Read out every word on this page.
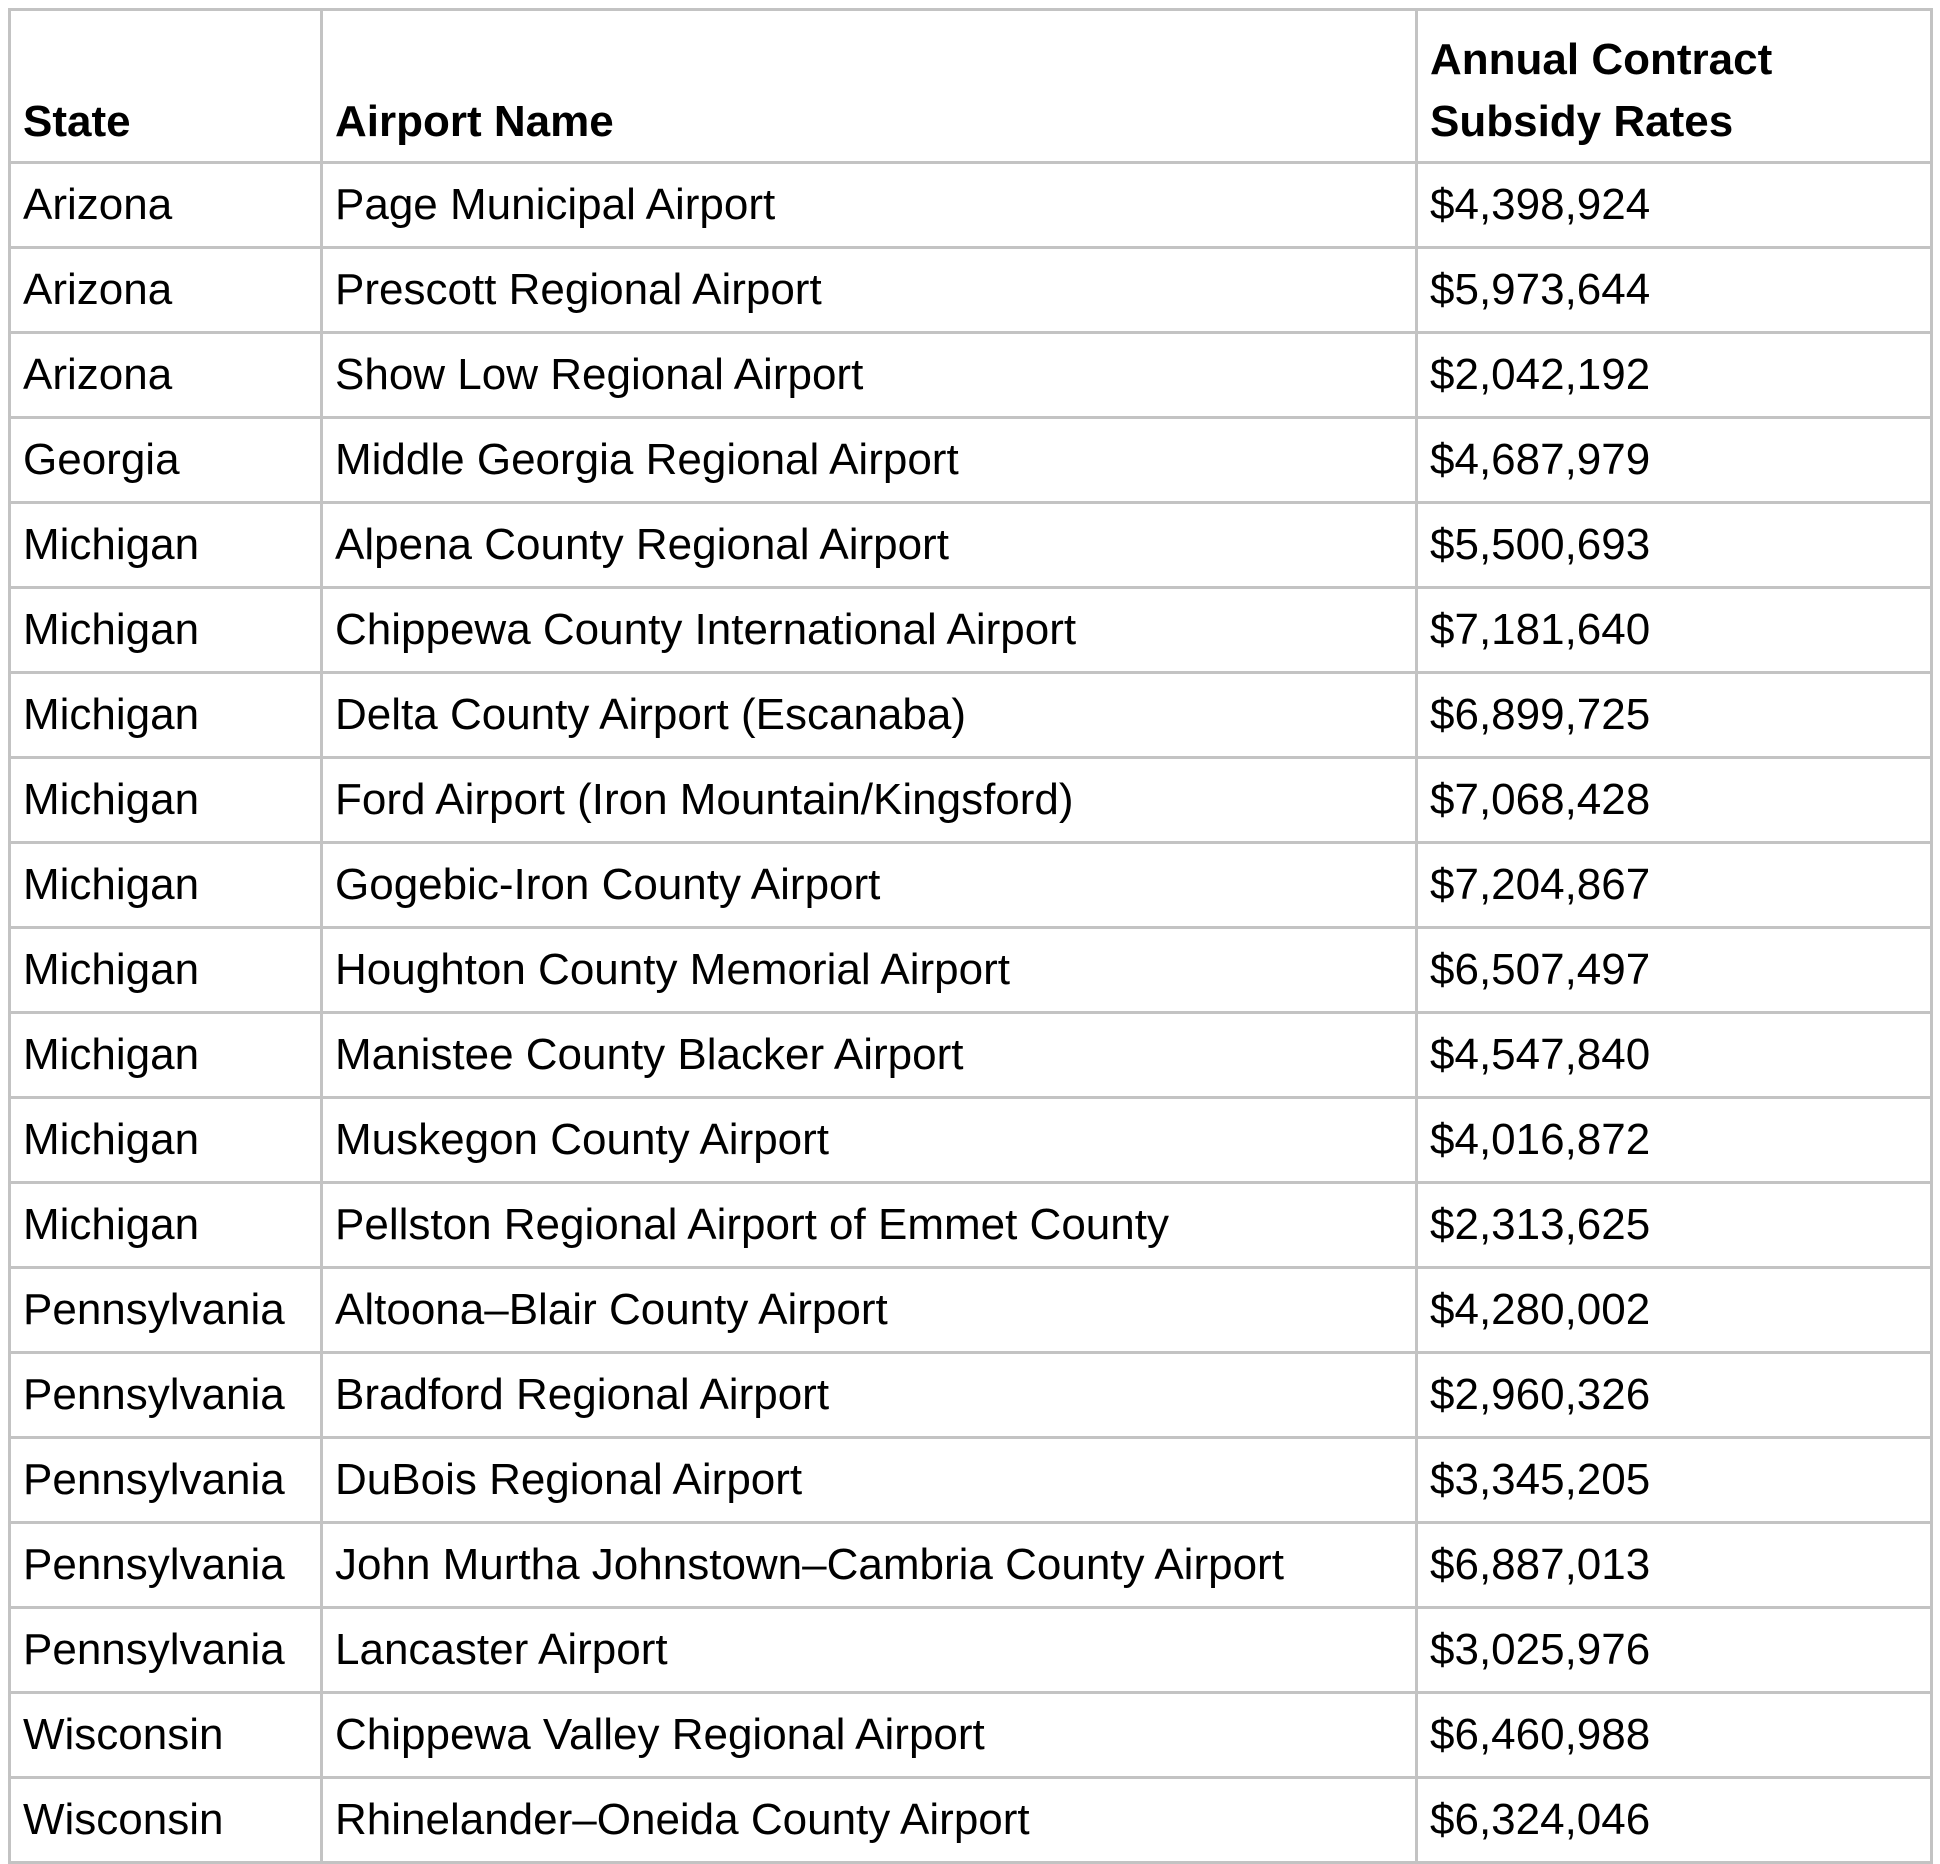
State	Airport Name	Annual Contract
Subsidy Rates
Arizona	Page Municipal Airport	$4,398,924
Arizona	Prescott Regional Airport	$5,973,644
Arizona	Show Low Regional Airport	$2,042,192
Georgia	Middle Georgia Regional Airport	$4,687,979
Michigan	Alpena County Regional Airport	$5,500,693
Michigan	Chippewa County International Airport	$7,181,640
Michigan	Delta County Airport (Escanaba)	$6,899,725
Michigan	Ford Airport (Iron Mountain/Kingsford)	$7,068,428
Michigan	Gogebic-Iron County Airport	$7,204,867
Michigan	Houghton County Memorial Airport	$6,507,497
Michigan	Manistee County Blacker Airport	$4,547,840
Michigan	Muskegon County Airport	$4,016,872
Michigan	Pellston Regional Airport of Emmet County	$2,313,625
Pennsylvania	Altoona–Blair County Airport	$4,280,002
Pennsylvania	Bradford Regional Airport	$2,960,326
Pennsylvania	DuBois Regional Airport	$3,345,205
Pennsylvania	John Murtha Johnstown–Cambria County Airport	$6,887,013
Pennsylvania	Lancaster Airport	$3,025,976
Wisconsin	Chippewa Valley Regional Airport	$6,460,988
Wisconsin	Rhinelander–Oneida County Airport	$6,324,046
